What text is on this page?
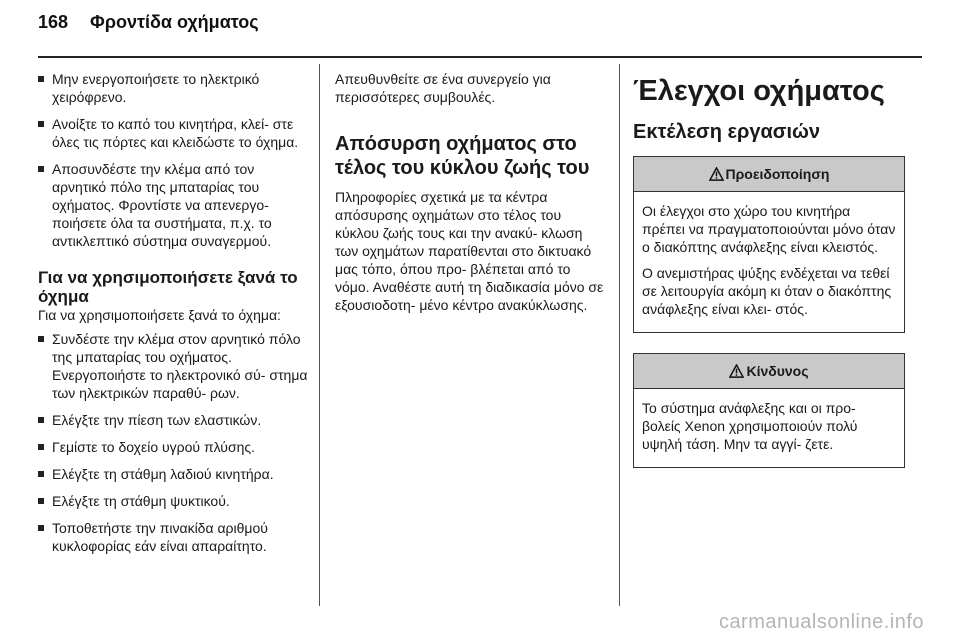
168 Φροντίδα οχήματος
Μην ενεργοποιήσετε το ηλεκτρικό χειρόφρενο.
Ανοίξτε το καπό του κινητήρα, κλεί‐ στε όλες τις πόρτες και κλειδώστε το όχημα.
Αποσυνδέστε την κλέμα από τον αρνητικό πόλο της μπαταρίας του οχήματος. Φροντίστε να απενεργο‐ ποιήσετε όλα τα συστήματα, π.χ. το αντικλεπτικό σύστημα συναγερμού.
Για να χρησιμοποιήσετε ξανά το όχημα

Για να χρησιμοποιήσετε ξανά το όχημα:

Συνδέστε την κλέμα στον αρνητικό πόλο της μπαταρίας του οχήματος. Ενεργοποιήστε το ηλεκτρονικό σύ‐ στημα των ηλεκτρικών παραθύ‐ ρων.
Ελέγξτε την πίεση των ελαστικών.
Γεμίστε το δοχείο υγρού πλύσης.
Ελέγξτε τη στάθμη λαδιού κινητήρα.
Ελέγξτε τη στάθμη ψυκτικού.
Τοποθετήστε την πινακίδα αριθμού κυκλοφορίας εάν είναι απαραίτητο.

Απευθυνθείτε σε ένα συνεργείο για περισσότερες συμβουλές.

Απόσυρση οχήματος στο τέλος του κύκλου ζωής του

Πληροφορίες σχετικά με τα κέντρα απόσυρσης οχημάτων στο τέλος του κύκλου ζωής τους και την ανακύ‐ κλωση των οχημάτων παρατίθενται στο δικτυακό μας τόπο, όπου προ‐ βλέπεται από το νόμο. Αναθέστε αυτή τη διαδικασία μόνο σε εξουσιοδοτη‐ μένο κέντρο ανακύκλωσης.

Έλεγχοι οχήματος
Εκτέλεση εργασιών
Προειδοποίηση

Οι έλεγχοι στο χώρο του κινητήρα πρέπει να πραγματοποιούνται μόνο όταν ο διακόπτης ανάφλεξης είναι κλειστός.

Ο ανεμιστήρας ψύξης ενδέχεται να τεθεί σε λειτουργία ακόμη κι όταν ο διακόπτης ανάφλεξης είναι κλει‐ στός.

Κίνδυνος

Το σύστημα ανάφλεξης και οι προ‐ βολείς Xenon χρησιμοποιούν πολύ υψηλή τάση. Μην τα αγγί‐ ζετε.

carmanualsonline.info
